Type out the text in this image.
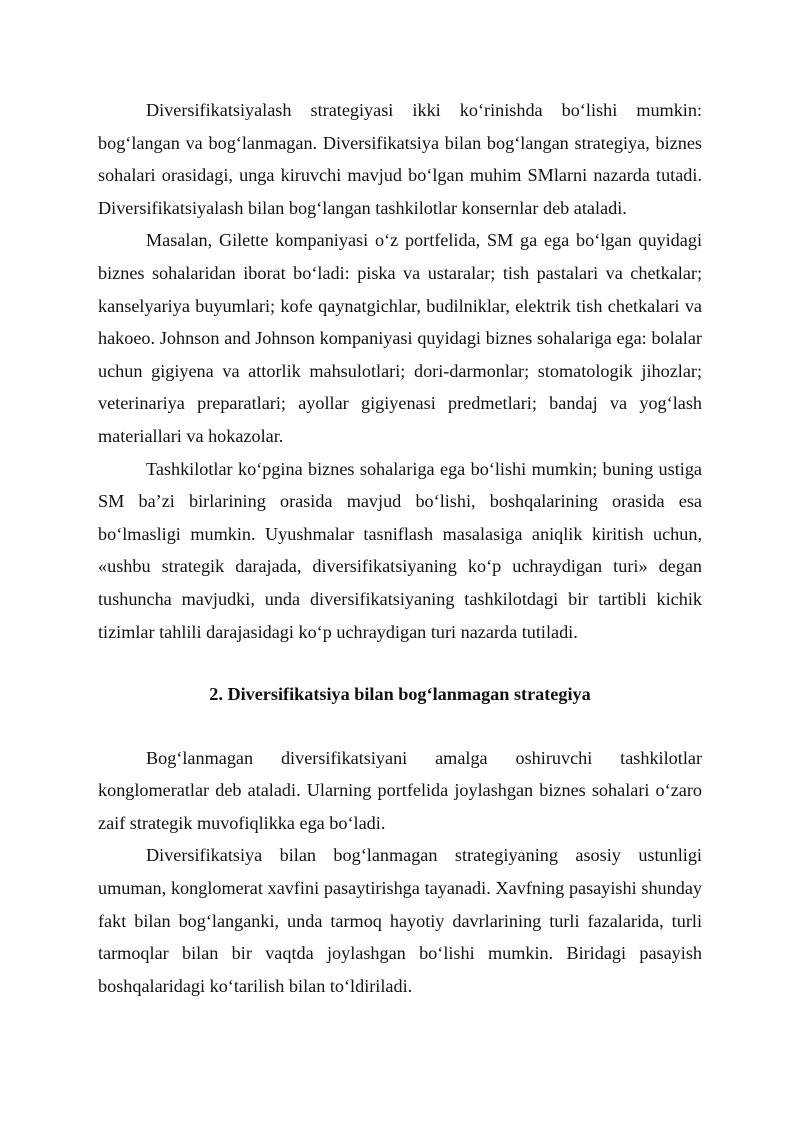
Diversifikatsiyalash strategiyasi ikki ko‘rinishda bo‘lishi mumkin: bog‘langan va bog‘lanmagan. Diversifikatsiya bilan bog‘langan strategiya, biznes sohalari orasidagi, unga kiruvchi mavjud bo‘lgan muhim SMlarni nazarda tutadi. Diversifikatsiyalash bilan bog‘langan tashkilotlar konsernlar deb ataladi.

Masalan, Gilette kompaniyasi o‘z portfelida, SM ga ega bo‘lgan quyidagi biznes sohalaridan iborat bo‘ladi: piska va ustaralar; tish pastalari va chetkalar; kanselyariya buyumlari; kofe qaynatgichlar, budilniklar, elektrik tish chetkalari va hakoeo. Johnson and Johnson kompaniyasi quyidagi biznes sohalariga ega: bolalar uchun gigiyena va attorlik mahsulotlari; dori-darmonlar; stomatologik jihozlar; veterinariya preparatlari; ayollar gigiyenasi predmetlari; bandaj va yog‘lash materiallari va hokazolar.

Tashkilotlar ko‘pgina biznes sohalariga ega bo‘lishi mumkin; buning ustiga SM ba’zi birlarining orasida mavjud bo‘lishi, boshqalarining orasida esa bo‘lmasligi mumkin. Uyushmalar tasniflash masalasiga aniqlik kiritish uchun, «ushbu strategik darajada, diversifikatsiyaning ko‘p uchraydigan turi» degan tushuncha mavjudki, unda diversifikatsiyaning tashkilotdagi bir tartibli kichik tizimlar tahlili darajasidagi ko‘p uchraydigan turi nazarda tutiladi.

2. Diversifikatsiya bilan bog‘lanmagan strategiya

Bog‘lanmagan diversifikatsiyani amalga oshiruvchi tashkilotlar konglomeratlar deb ataladi. Ularning portfelida joylashgan biznes sohalari o‘zaro zaif strategik muvofiqlikka ega bo‘ladi.

Diversifikatsiya bilan bog‘lanmagan strategiyaning asosiy ustunligi umuman, konglomerat xavfini pasaytirishga tayanadi. Xavfning pasayishi shunday fakt bilan bog‘langanki, unda tarmoq hayotiy davrlarining turli fazalarida, turli tarmoqlar bilan bir vaqtda joylashgan bo‘lishi mumkin. Biridagi pasayish boshqalaridagi ko‘tarilish bilan to‘ldiriladi.
